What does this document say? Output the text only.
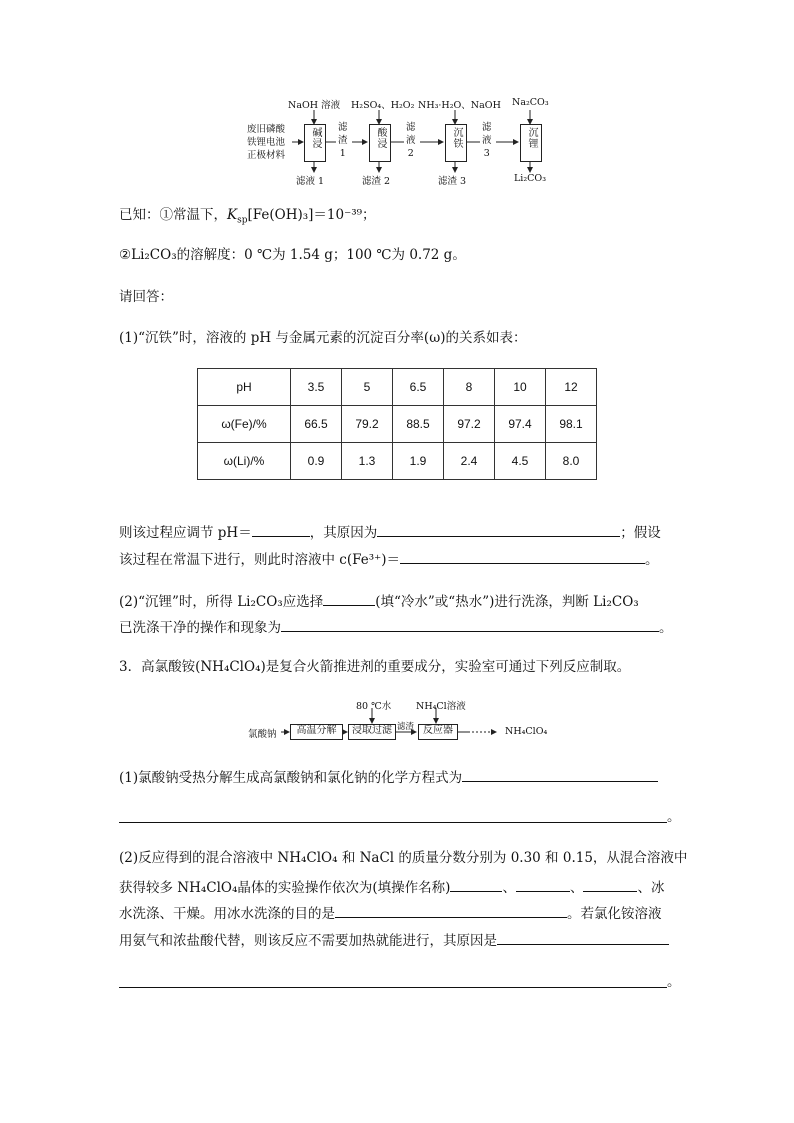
NaOH 溶液 H₂SO₄、H₂O₂ NH₃·H₂O、NaOH Na₂CO₃
废旧磷酸
铁锂电池
正极材料
碱浸	酸浸	沉铁	沉锂
滤
渣
1
滤
液
2
滤
液
3
滤液 1	滤渣 2	滤渣 3	Li₂CO₃
已知：①常温下，$K_{sp}[Fe(OH)_3]=10^{-39}$；
②Li₂CO₃的溶解度：0 ℃为 1.54 g；100 ℃为 0.72 g。
请回答：
(1)“沉铁”时，溶液的 pH 与金属元素的沉淀百分率(ω)的关系如表：
pH	3.5	5	6.5	8	10	12
ω(Fe)/%	66.5	79.2	88.5	97.2	97.4	98.1
ω(Li)/%	0.9	1.3	1.9	2.4	4.5	8.0
则该过程应调节 pH＝	，其原因为	；假设
该过程在常温下进行，则此时溶液中 c(Fe³⁺)＝	。
(2)“沉锂”时，所得 Li₂CO₃应选择	(填“冷水”或“热水”)进行洗涤，判断 Li₂CO₃
已洗涤干净的操作和现象为	。
3．高氯酸铵(NH₄ClO₄)是复合火箭推进剂的重要成分，实验室可通过下列反应制取。
80 ℃水	NH₄Cl溶液
氯酸钠	高温分解	浸取过滤 滤渣 反应器	NH₄ClO₄
(1)氯酸钠受热分解生成高氯酸钠和氯化钠的化学方程式为
。
(2)反应得到的混合溶液中 NH₄ClO₄ 和 NaCl 的质量分数分别为 0.30 和 0.15，从混合溶液中
获得较多 NH₄ClO₄晶体的实验操作依次为(填操作名称)	、	、	、冰
水洗涤、干燥。用冰水洗涤的目的是	。若氯化铵溶液
用氨气和浓盐酸代替，则该反应不需要加热就能进行，其原因是
。
